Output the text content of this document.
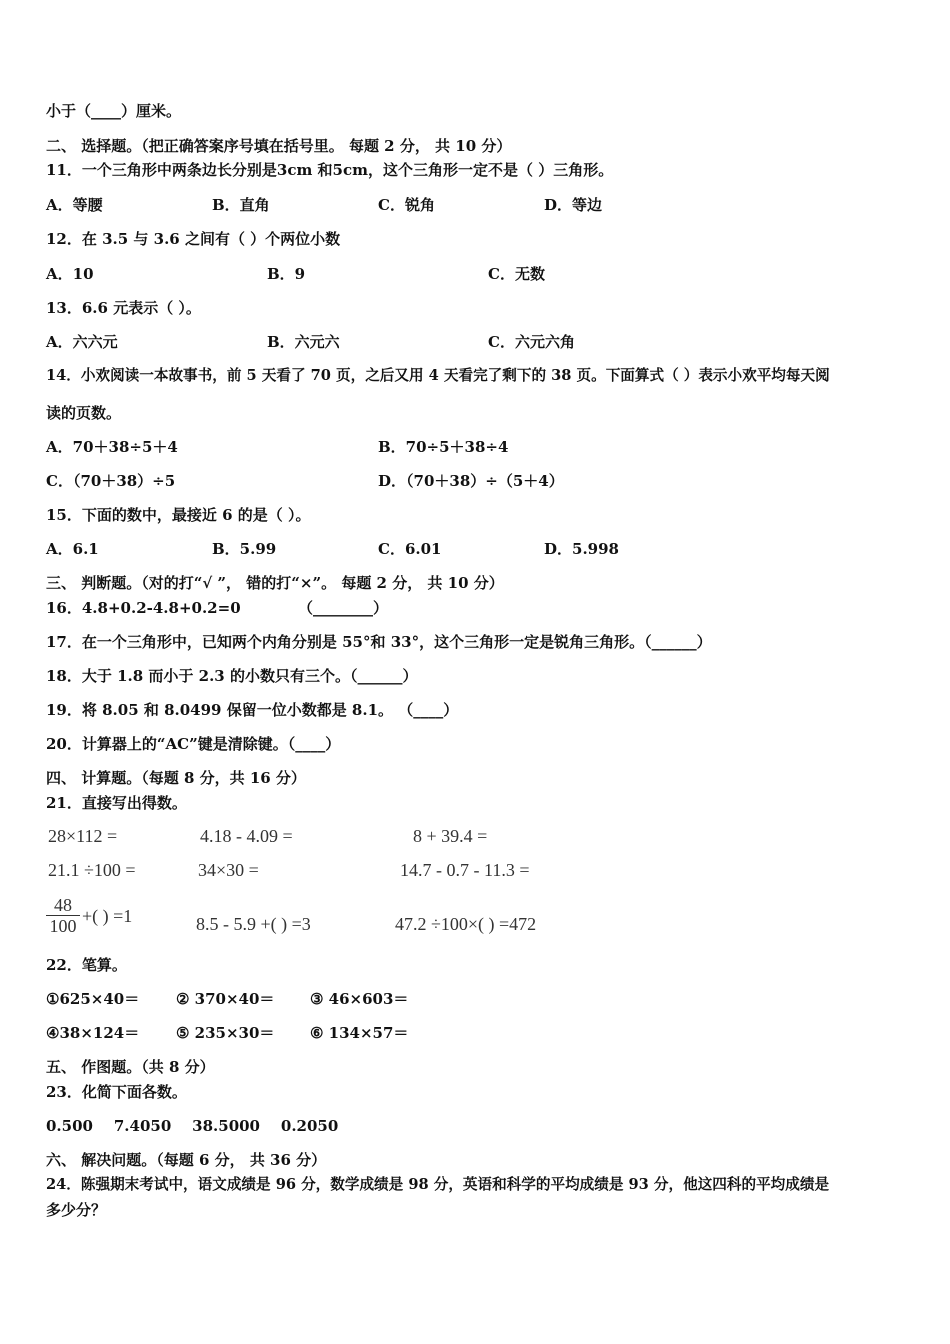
小于（____）厘米。
二、 选择题。（把正确答案序号填在括号里。 每题 2 分， 共 10 分）
11．一个三角形中两条边长分别是3cm 和5cm，这个三角形一定不是（ ）三角形。
A．等腰	B．直角	C．锐角	D．等边
12．在 3.5 与 3.6 之间有（ ）个两位小数
A．10	B．9	C．无数
13．6.6 元表示（ ）。
A．六六元	B．六元六	C．六元六角
14．小欢阅读一本故事书，前 5 天看了 70 页，之后又用 4 天看完了剩下的 38 页。下面算式（ ）表示小欢平均每天阅
读的页数。
A．70＋38÷5＋4	B．70÷5＋38÷4
C．（70＋38）÷5	D．（70＋38）÷（5＋4）
15．下面的数中，最接近 6 的是（ ）。
A．6.1	B．5.99	C．6.01	D．5.998
三、 判断题。（对的打“√ ”， 错的打“×”。 每题 2 分， 共 10 分）
16．4.8+0.2-4.8+0.2=0	（________）
17．在一个三角形中，已知两个内角分别是 55°和 33°，这个三角形一定是锐角三角形。（______）
18．大于 1.8 而小于 2.3 的小数只有三个。（______）
19．将 8.05 和 8.0499 保留一位小数都是 8.1。 （____）
20．计算器上的“AC”键是清除键。（____）
四、 计算题。（每题 8 分，共 16 分）
21．直接写出得数。
28×112 =	4.18 - 4.09 =	8 + 39.4 =
21.1 ÷100 =	34×30 =	14.7 - 0.7 - 11.3 =
$\frac{48}{100}$ +( ) =1	8.5 - 5.9 +( ) =3	47.2 ÷100×( ) =472
22．笔算。
①625×40＝ ② 370×40＝ ③ 46×603＝
④38×124＝ ⑤ 235×30＝ ⑥ 134×57＝
五、 作图题。（共 8 分）
23．化简下面各数。
0.500    7.4050    38.5000    0.2050
六、 解决问题。（每题 6 分， 共 36 分）
24．陈强期末考试中，语文成绩是 96 分，数学成绩是 98 分，英语和科学的平均成绩是 93 分，他这四科的平均成绩是
多少分？
